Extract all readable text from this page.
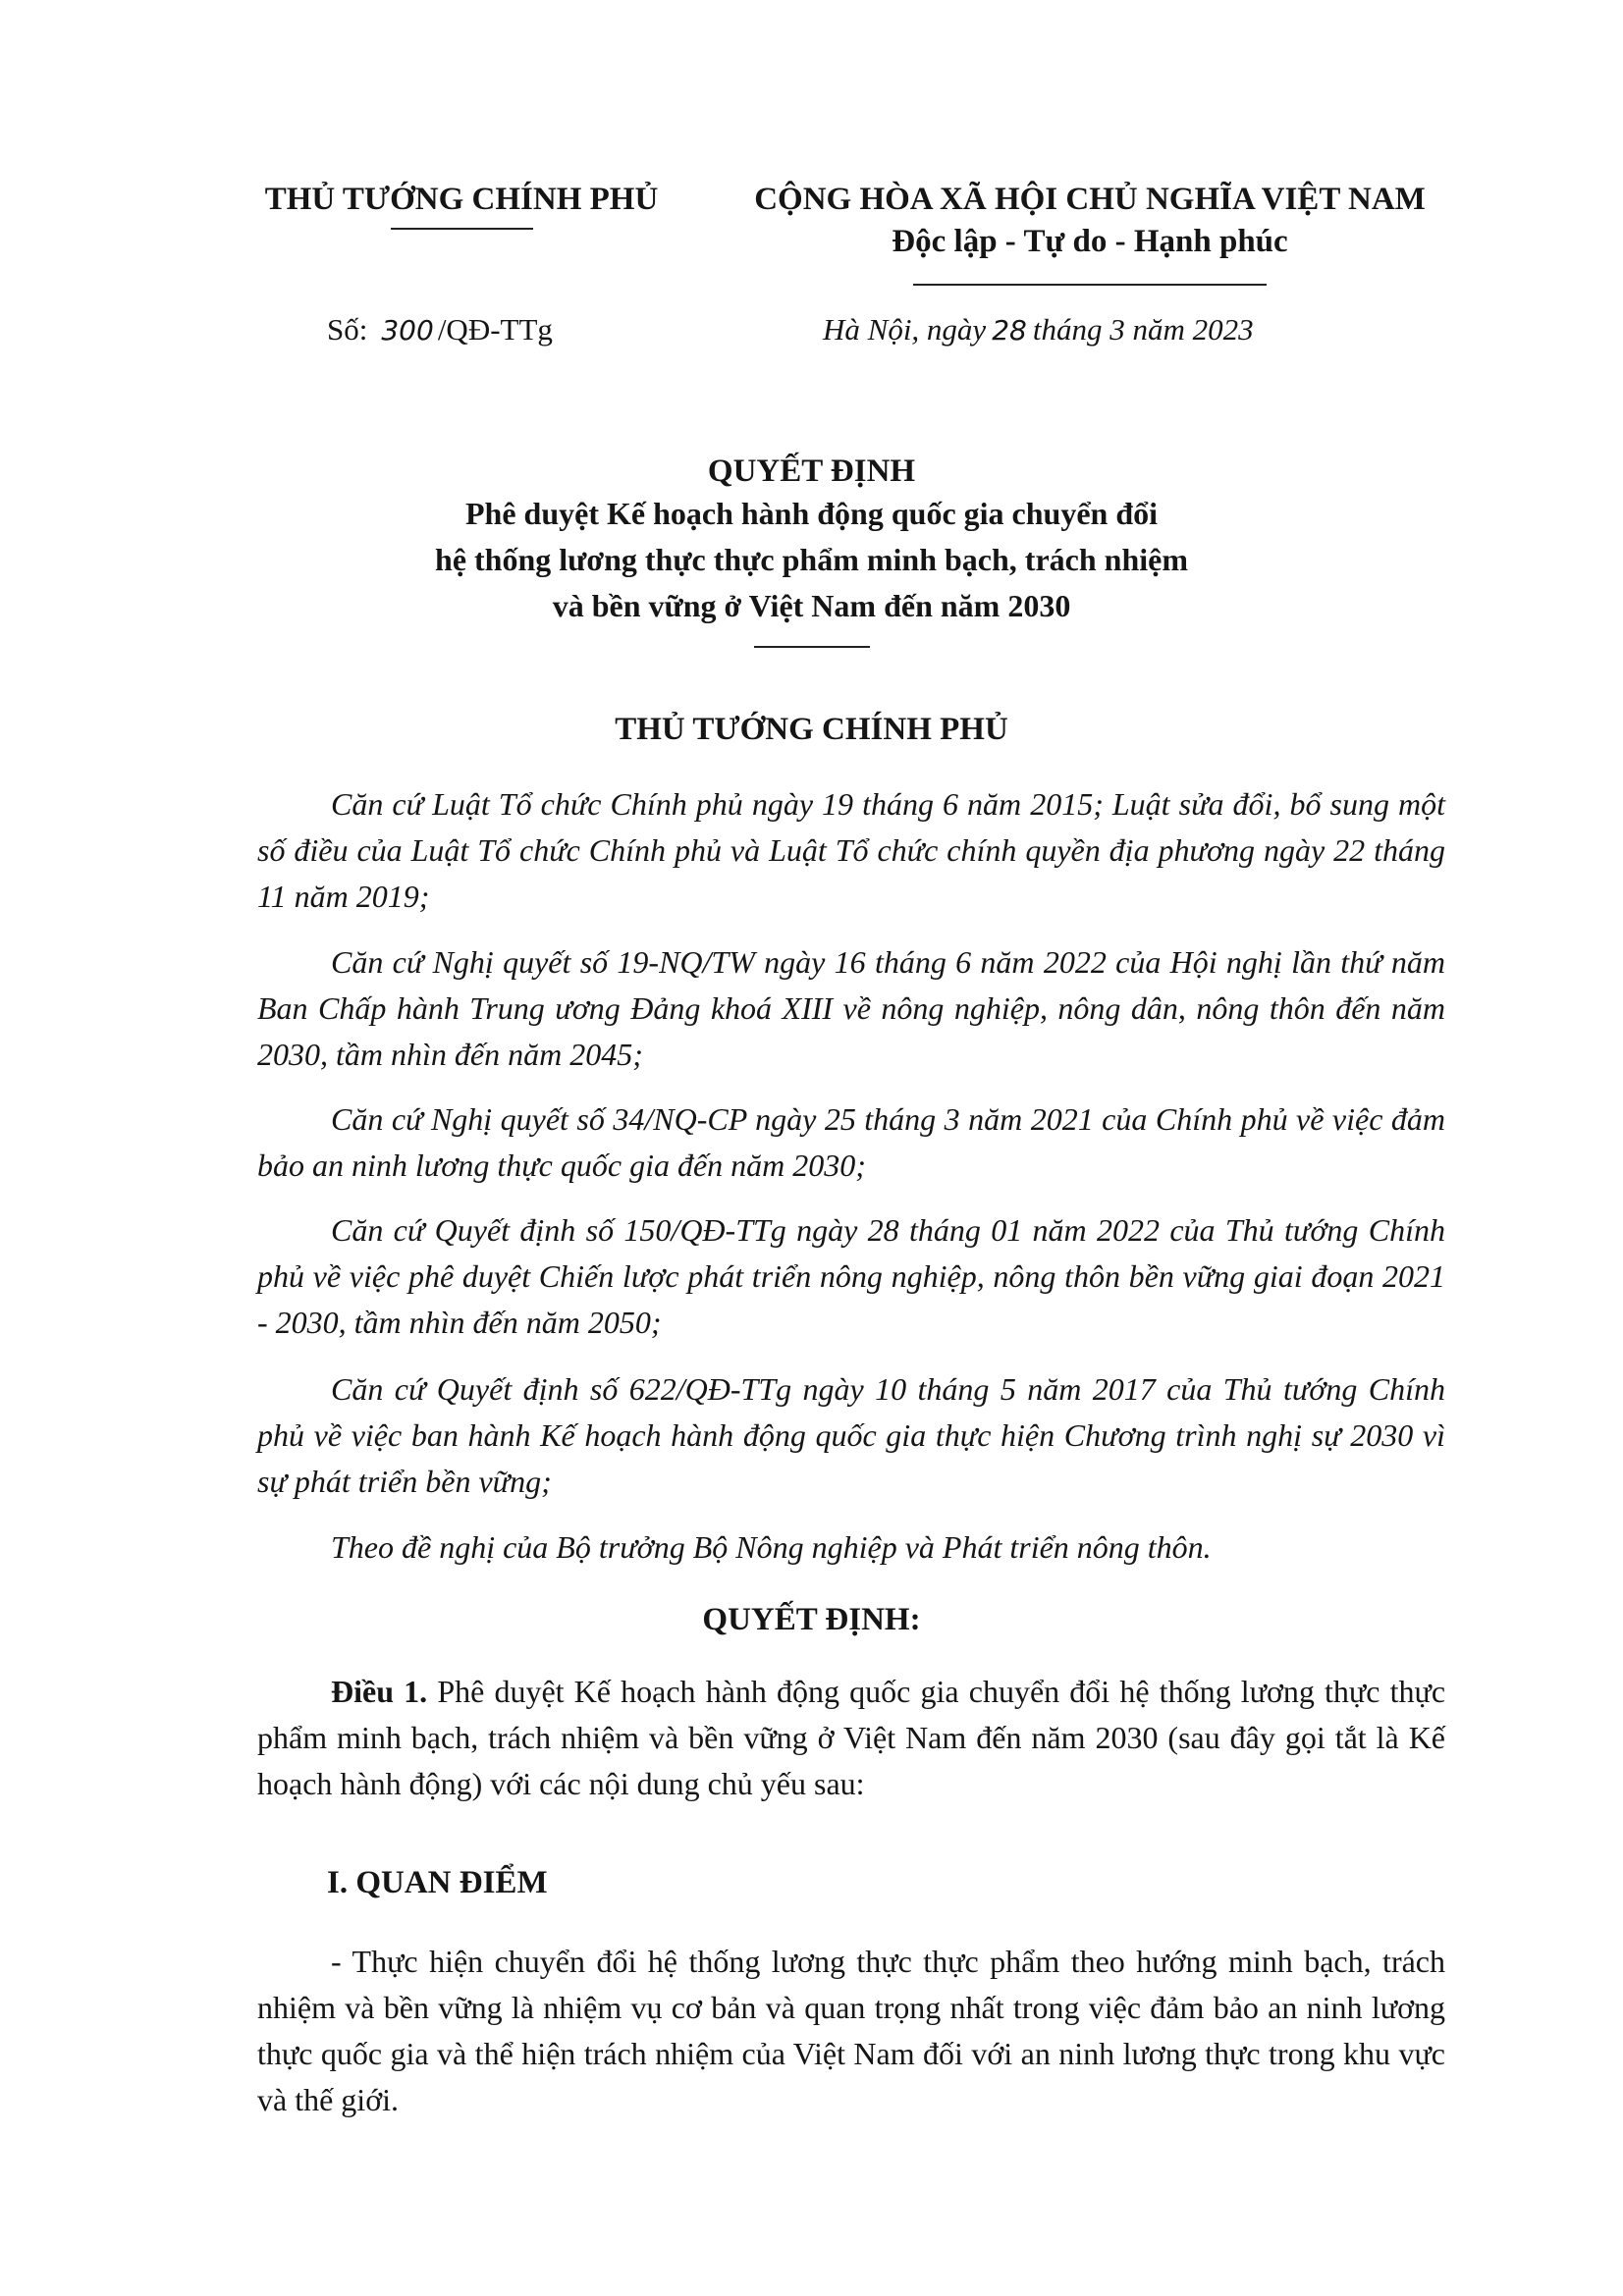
THỦ TƯỚNG CHÍNH PHỦ	CỘNG HÒA XÃ HỘI CHỦ NGHĨA VIỆT NAM
Độc lập - Tự do - Hạnh phúc
Số: 300 /QĐ-TTg	Hà Nội, ngày 28 tháng 3 năm 2023
QUYẾT ĐỊNH
Phê duyệt Kế hoạch hành động quốc gia chuyển đổi
hệ thống lương thực thực phẩm minh bạch, trách nhiệm
và bền vững ở Việt Nam đến năm 2030
THỦ TƯỚNG CHÍNH PHỦ
Căn cứ Luật Tổ chức Chính phủ ngày 19 tháng 6 năm 2015; Luật sửa đổi, bổ sung một số điều của Luật Tổ chức Chính phủ và Luật Tổ chức chính quyền địa phương ngày 22 tháng 11 năm 2019;
Căn cứ Nghị quyết số 19-NQ/TW ngày 16 tháng 6 năm 2022 của Hội nghị lần thứ năm Ban Chấp hành Trung ương Đảng khoá XIII về nông nghiệp, nông dân, nông thôn đến năm 2030, tầm nhìn đến năm 2045;
Căn cứ Nghị quyết số 34/NQ-CP ngày 25 tháng 3 năm 2021 của Chính phủ về việc đảm bảo an ninh lương thực quốc gia đến năm 2030;
Căn cứ Quyết định số 150/QĐ-TTg ngày 28 tháng 01 năm 2022 của Thủ tướng Chính phủ về việc phê duyệt Chiến lược phát triển nông nghiệp, nông thôn bền vững giai đoạn 2021 - 2030, tầm nhìn đến năm 2050;
Căn cứ Quyết định số 622/QĐ-TTg ngày 10 tháng 5 năm 2017 của Thủ tướng Chính phủ về việc ban hành Kế hoạch hành động quốc gia thực hiện Chương trình nghị sự 2030 vì sự phát triển bền vững;
Theo đề nghị của Bộ trưởng Bộ Nông nghiệp và Phát triển nông thôn.
QUYẾT ĐỊNH:
Điều 1. Phê duyệt Kế hoạch hành động quốc gia chuyển đổi hệ thống lương thực thực phẩm minh bạch, trách nhiệm và bền vững ở Việt Nam đến năm 2030 (sau đây gọi tắt là Kế hoạch hành động) với các nội dung chủ yếu sau:
I. QUAN ĐIỂM
- Thực hiện chuyển đổi hệ thống lương thực thực phẩm theo hướng minh bạch, trách nhiệm và bền vững là nhiệm vụ cơ bản và quan trọng nhất trong việc đảm bảo an ninh lương thực quốc gia và thể hiện trách nhiệm của Việt Nam đối với an ninh lương thực trong khu vực và thế giới.
